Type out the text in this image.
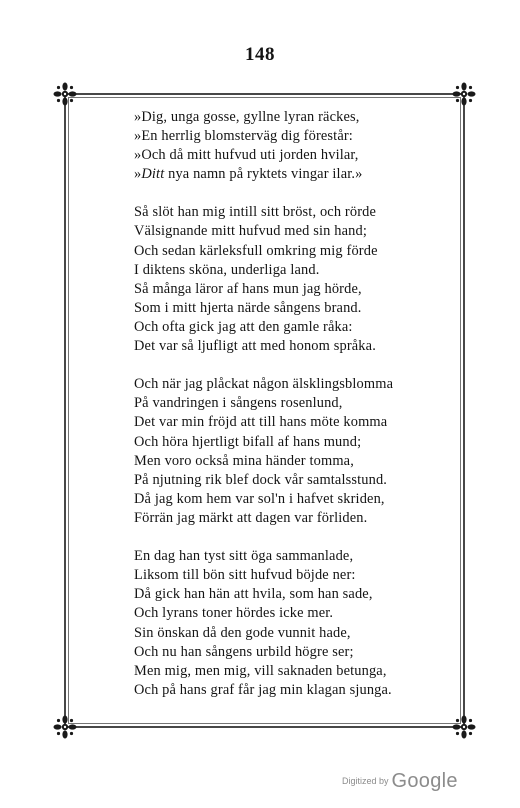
148
»Dig, unga gosse, gyllne lyran räckes,
»En herrlig blomsterväg dig förestår:
»Och då mitt hufvud uti jorden hvilar,
»Ditt nya namn på ryktets vingar ilar.»
Så slöt han mig intill sitt bröst, och rörde
Välsignande mitt hufvud med sin hand;
Och sedan kärleksfull omkring mig förde
I diktens sköna, underliga land.
Så många läror af hans mun jag hörde,
Som i mitt hjerta närde sångens brand.
Och ofta gick jag att den gamle råka:
Det var så ljufligt att med honom språka.
Och när jag plåckat någon älsklingsblomma
På vandringen i sångens rosenlund,
Det var min fröjd att till hans möte komma
Och höra hjertligt bifall af hans mund;
Men voro också mina händer tomma,
På njutning rik blef dock vår samtalsstund.
Då jag kom hem var sol'n i hafvet skriden,
Förrän jag märkt att dagen var förliden.
En dag han tyst sitt öga sammanlade,
Liksom till bön sitt hufvud böjde ner:
Då gick han hän att hvila, som han sade,
Och lyrans toner hördes icke mer.
Sin önskan då den gode vunnit hade,
Och nu han sångens urbild högre ser;
Men mig, men mig, vill saknaden betunga,
Och på hans graf får jag min klagan sjunga.
Digitized by Google
